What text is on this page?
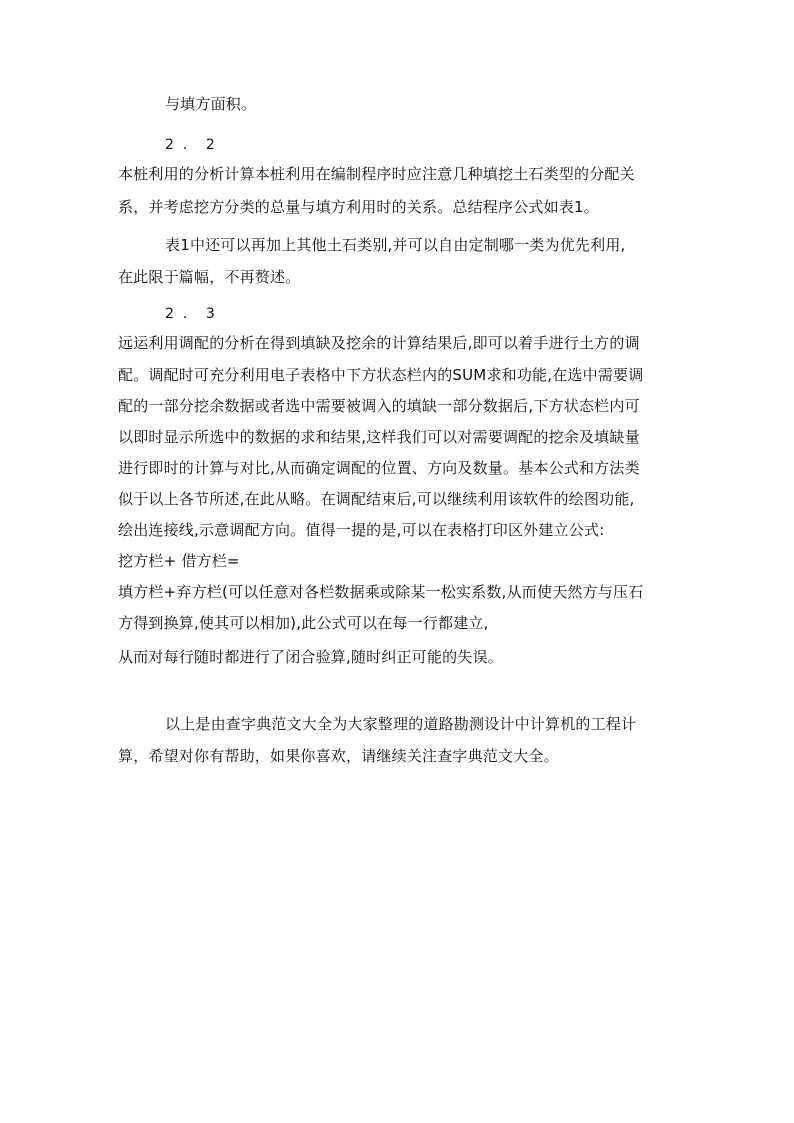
与填方面积。
2．2
本桩利用的分析计算本桩利用在编制程序时应注意几种填挖土石类型的分配关
系，并考虑挖方分类的总量与填方利用时的关系。总结程序公式如表1。
表1中还可以再加上其他土石类别,并可以自由定制哪一类为优先利用,
在此限于篇幅，不再赘述。
2．3
远运利用调配的分析在得到填缺及挖余的计算结果后,即可以着手进行土方的调
配。调配时可充分利用电子表格中下方状态栏内的SUM求和功能,在选中需要调
配的一部分挖余数据或者选中需要被调入的填缺一部分数据后,下方状态栏内可
以即时显示所选中的数据的求和结果,这样我们可以对需要调配的挖余及填缺量
进行即时的计算与对比,从而确定调配的位置、方向及数量。基本公式和方法类
似于以上各节所述,在此从略。在调配结束后,可以继续利用该软件的绘图功能,
绘出连接线,示意调配方向。值得一提的是,可以在表格打印区外建立公式:
挖方栏+ 借方栏=
填方栏+弃方栏(可以任意对各栏数据乘或除某一松实系数,从而使天然方与压石
方得到换算,使其可以相加),此公式可以在每一行都建立,
从而对每行随时都进行了闭合验算,随时纠正可能的失误。
以上是由查字典范文大全为大家整理的道路勘测设计中计算机的工程计
算，希望对你有帮助，如果你喜欢，请继续关注查字典范文大全。
